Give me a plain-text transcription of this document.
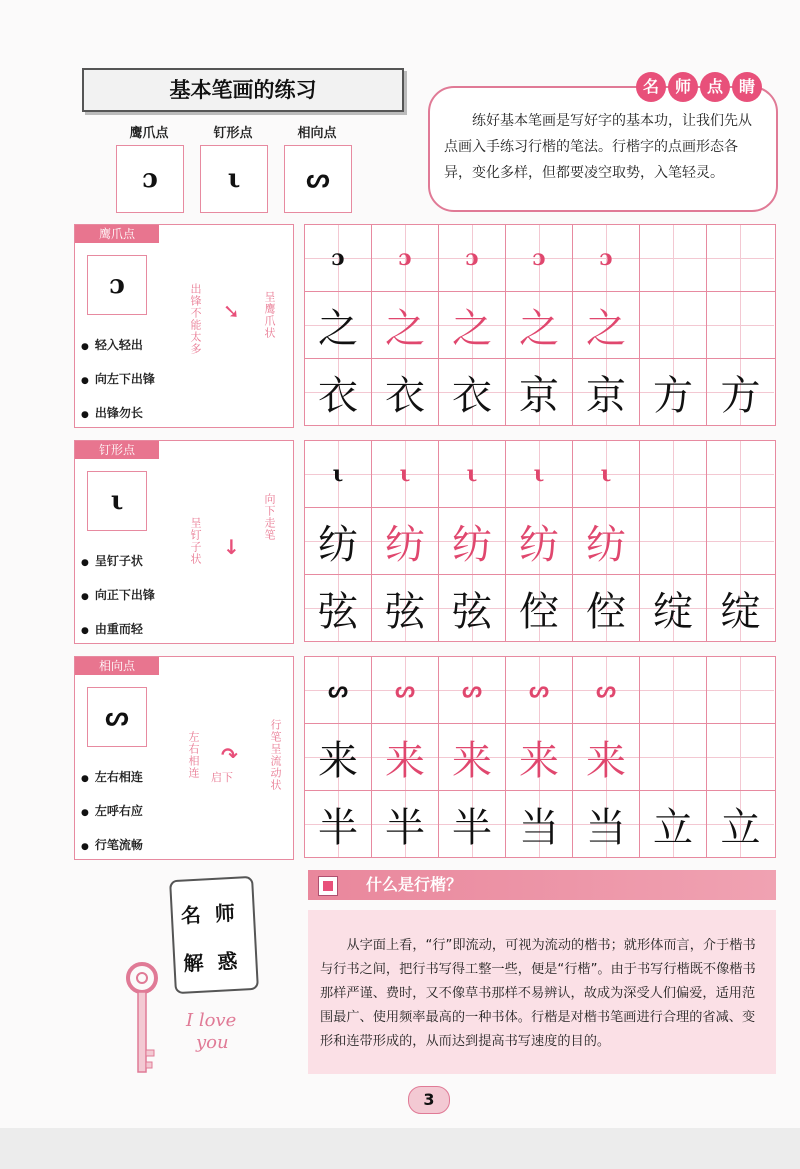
基本笔画的练习	名 师 点 睛
练好基本笔画是写好字的基本功，让我们先从点画入手练习行楷的笔法。行楷字的点画形态各异，变化多样，但都要凌空取势，入笔轻灵。
鹰爪点
ɔ
钉形点
ι
相向点
ᔕ
鹰爪点
ɔ
● 轻入轻出
● 向左下出锋
● 出锋勿长
出锋不能太多 ➘ 呈鹰爪状
ɔ	ɔ	ɔ	ɔ	ɔ
之 之 之 之 之
衣 衣 衣 京 京 方 方
钉形点
ι
● 呈钉子状
● 向正下出锋
● 由重而轻
呈钉子状 ↓
向下走笔
ι	ι	ι	ι	ι
纺 纺 纺 纺 纺
弦 弦 弦 倥 倥 绽 绽
相向点
ᔕ
● 左右相连
● 左呼右应
● 行笔流畅
左右相连 ↷
启下	行笔呈流动状
ᔕ	ᔕ	ᔕ	ᔕ	ᔕ
来 来 来 来 来
半 半 半 当 当 立 立
名 师
解 惑
I love
you
什么是行楷？
从字面上看，“行”即流动，可视为流动的楷书；就形体而言，介于楷书与行书之间，把行书写得工整一些，便是“行楷”。由于书写行楷既不像楷书那样严谨、费时，又不像草书那样不易辨认，故成为深受人们偏爱，适用范围最广、使用频率最高的一种书体。行楷是对楷书笔画进行合理的省减、变形和连带形成的，从而达到提高书写速度的目的。
3
